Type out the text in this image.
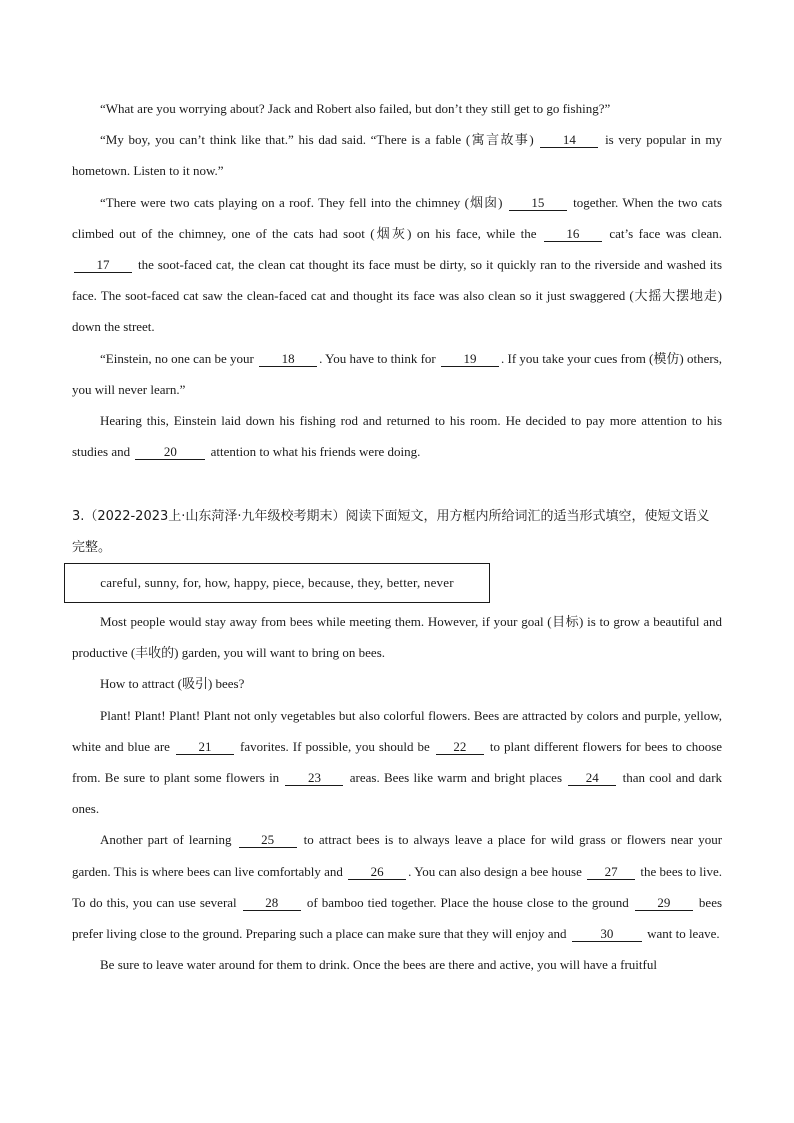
“What are you worrying about? Jack and Robert also failed, but don’t they still get to go fishing?”

“My boy, you can’t think like that.” his dad said. “There is a fable (寓言故事) 14 is very popular in my hometown. Listen to it now.”

“There were two cats playing on a roof. They fell into the chimney (烟囱) 15 together. When the two cats climbed out of the chimney, one of the cats had soot (烟灰) on his face, while the 16 cat’s face was clean. 17 the soot-faced cat, the clean cat thought its face must be dirty, so it quickly ran to the riverside and washed its face. The soot-faced cat saw the clean-faced cat and thought its face was also clean so it just swaggered (大摇大摆地走) down the street.

“Einstein, no one can be your 18 . You have to think for 19 . If you take your cues from (模仿) others, you will never learn.”

Hearing this, Einstein laid down his fishing rod and returned to his room. He decided to pay more attention to his studies and	20	attention to what his friends were doing.

3.（2022-2023上·山东菏泽·九年级校考期末）阅读下面短文，用方框内所给词汇的适当形式填空，使短文语义完整。

careful, sunny, for, how, happy, piece, because, they, better, never

Most people would stay away from bees while meeting them. However, if your goal (目标) is to grow a beautiful and productive (丰收的) garden, you will want to bring on bees.

How to attract (吸引) bees?

Plant! Plant! Plant! Plant not only vegetables but also colorful flowers. Bees are attracted by colors and purple, yellow, white and blue are 21 favorites. If possible, you should be 22 to plant different flowers for bees to choose from. Be sure to plant some flowers in 23 areas. Bees like warm and bright places 24 than cool and dark ones.

Another part of learning 25 to attract bees is to always leave a place for wild grass or flowers near your garden. This is where bees can live comfortably and 26 . You can also design a bee house 27 the bees to live. To do this, you can use several 28 of bamboo tied together. Place the house close to the ground 29 bees prefer living close to the ground. Preparing such a place can make sure that they will enjoy and	30	want to leave.

Be sure to leave water around for them to drink. Once the bees are there and active, you will have a fruitful
